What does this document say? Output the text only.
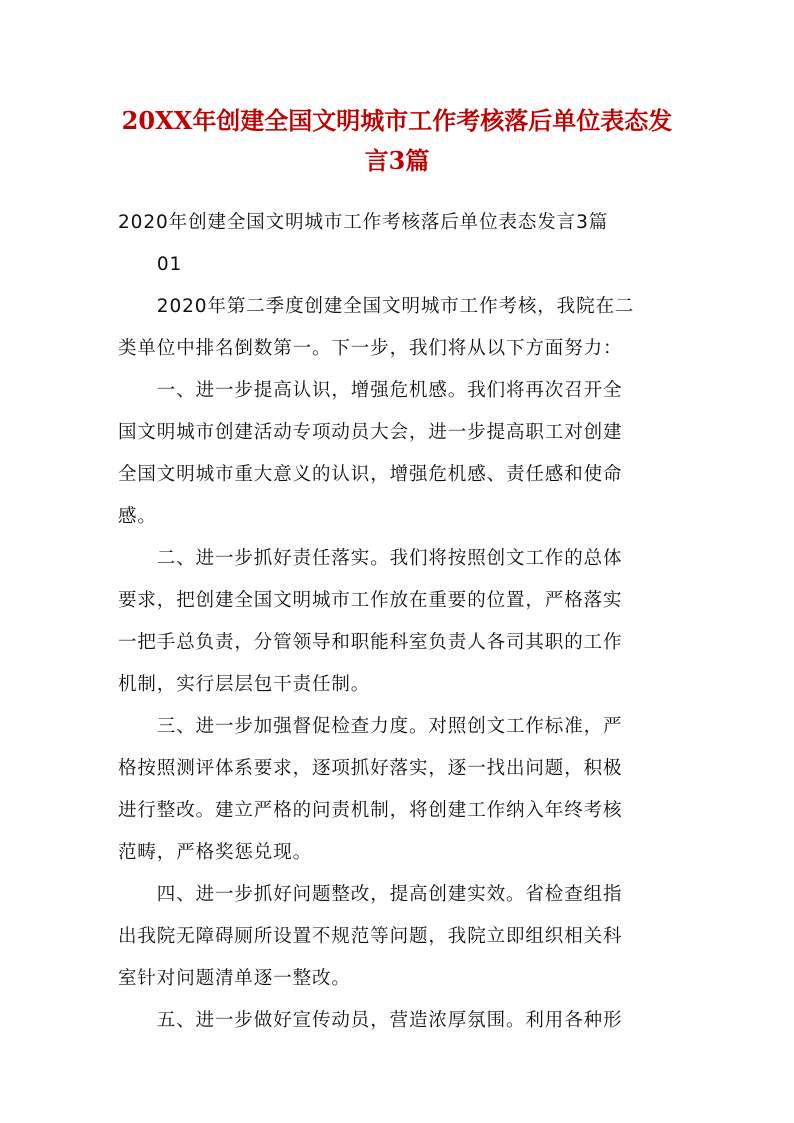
20XX年创建全国文明城市工作考核落后单位表态发
言3篇

2020年创建全国文明城市工作考核落后单位表态发言3篇

　　01

　　2020年第二季度创建全国文明城市工作考核，我院在二

类单位中排名倒数第一。下一步，我们将从以下方面努力：

　　一、进一步提高认识，增强危机感。我们将再次召开全

国文明城市创建活动专项动员大会，进一步提高职工对创建

全国文明城市重大意义的认识，增强危机感、责任感和使命

感。

　　二、进一步抓好责任落实。我们将按照创文工作的总体

要求，把创建全国文明城市工作放在重要的位置，严格落实

一把手总负责，分管领导和职能科室负责人各司其职的工作

机制，实行层层包干责任制。

　　三、进一步加强督促检查力度。对照创文工作标准，严

格按照测评体系要求，逐项抓好落实，逐一找出问题，积极

进行整改。建立严格的问责机制，将创建工作纳入年终考核

范畴，严格奖惩兑现。

　　四、进一步抓好问题整改，提高创建实效。省检查组指

出我院无障碍厕所设置不规范等问题，我院立即组织相关科

室针对问题清单逐一整改。

　　五、进一步做好宣传动员，营造浓厚氛围。利用各种形
